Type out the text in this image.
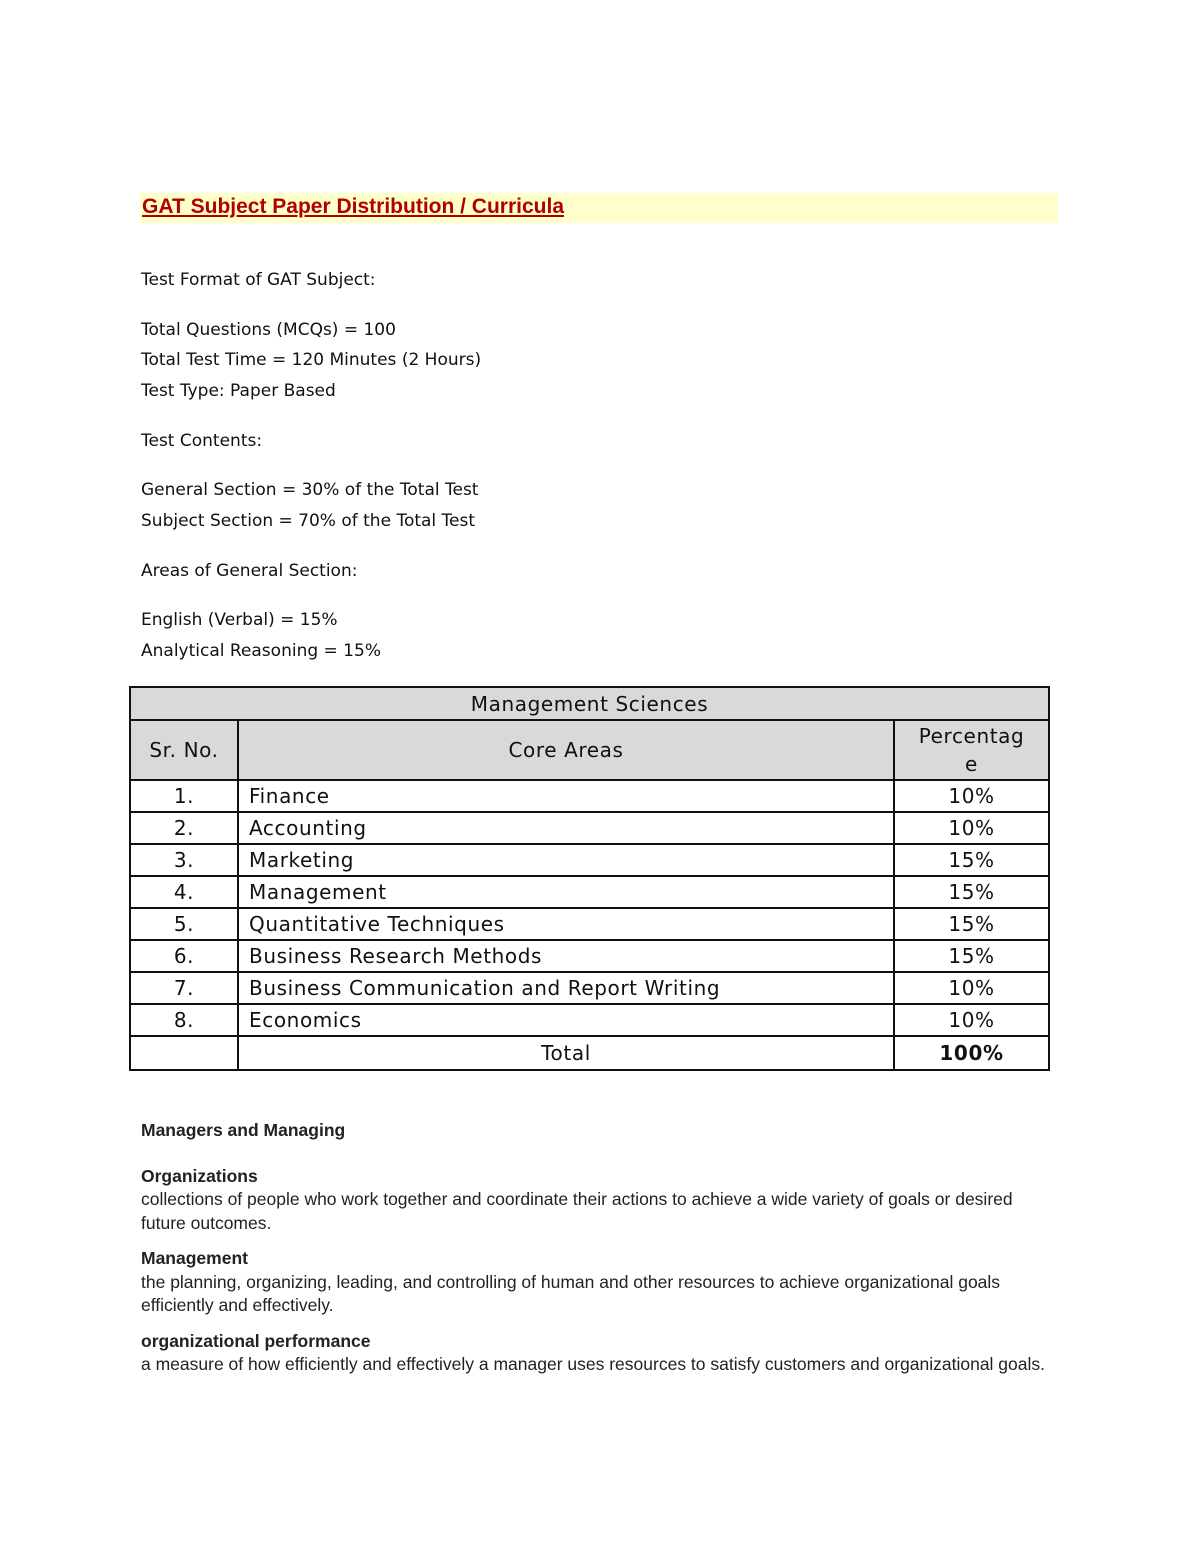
GAT Subject Paper Distribution / Curricula
Test Format of GAT Subject:
Total Questions (MCQs) = 100
Total Test Time = 120 Minutes (2 Hours)
Test Type: Paper Based
Test Contents:
General Section = 30% of the Total Test
Subject Section = 70% of the Total Test
Areas of General Section:
English (Verbal) = 15%
Analytical Reasoning = 15%
Management Sciences		
Sr. No.	Core Areas	Percentag
e
1.	Finance	10%
2.	Accounting	10%
3.	Marketing	15%
4.	Management	15%
5.	Quantitative Techniques	15%
6.	Business Research Methods	15%
7.	Business Communication and Report Writing	10%
8.	Economics	10%
	Total	100%

Managers and Managing

Organizations

collections of people who work together and coordinate their actions to achieve a wide variety of goals or desired future outcomes.

Management

the planning, organizing, leading, and controlling of human and other resources to achieve organizational goals efficiently and effectively.

organizational performance

a measure of how efficiently and effectively a manager uses resources to satisfy customers and organizational goals.
